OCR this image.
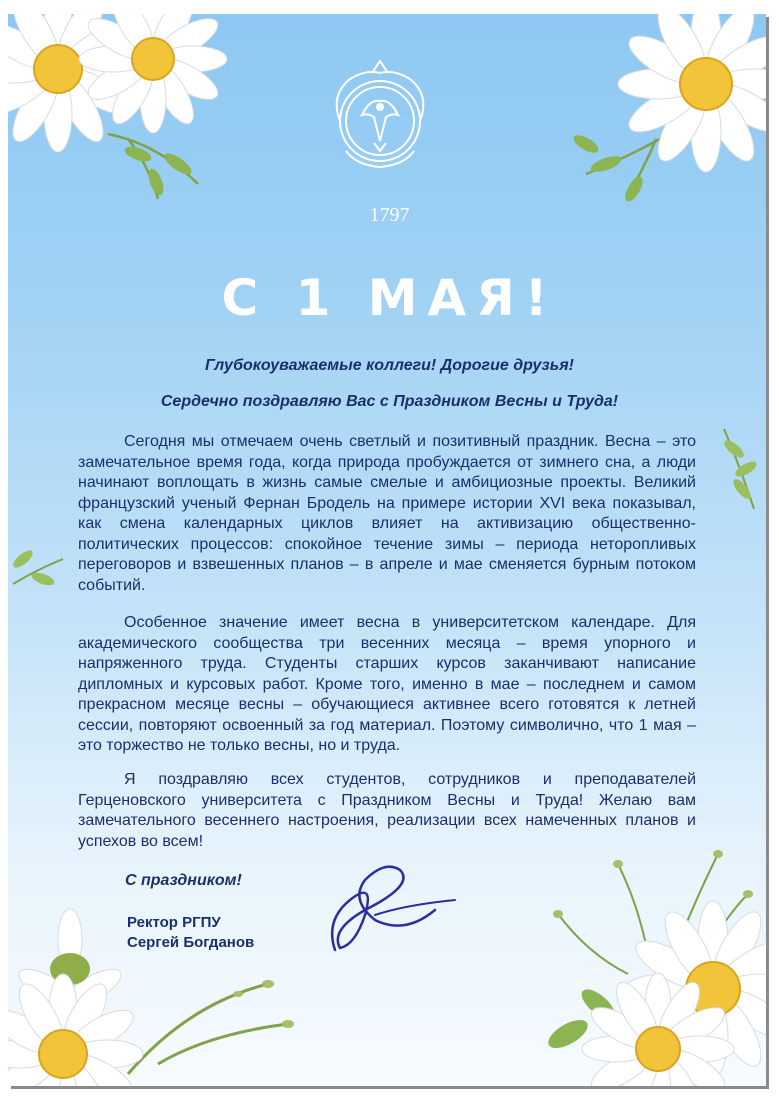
1797
С 1 МАЯ!
Глубокоуважаемые коллеги! Дорогие друзья!
Сердечно поздравляю Вас с Праздником Весны и Труда!

Сегодня мы отмечаем очень светлый и позитивный праздник. Весна – это замечательное время года, когда природа пробуждается от зимнего сна, а люди начинают воплощать в жизнь самые смелые и амбициозные проекты. Великий французский ученый Фернан Бродель на примере истории XVI века показывал, как смена календарных циклов влияет на активизацию общественно-политических процессов: спокойное течение зимы – периода неторопливых переговоров и взвешенных планов – в апреле и мае сменяется бурным потоком событий.

Особенное значение имеет весна в университетском календаре. Для академического сообщества три весенних месяца – время упорного и напряженного труда. Студенты старших курсов заканчивают написание дипломных и курсовых работ. Кроме того, именно в мае – последнем и самом прекрасном месяце весны – обучающиеся активнее всего готовятся к летней сессии, повторяют освоенный за год материал. Поэтому символично, что 1 мая – это торжество не только весны, но и труда.

Я поздравляю всех студентов, сотрудников и преподавателей Герценовского университета с Праздником Весны и Труда! Желаю вам замечательного весеннего настроения, реализации всех намеченных планов и успехов во всем!

С праздником!
Ректор РГПУ
Сергей Богданов
